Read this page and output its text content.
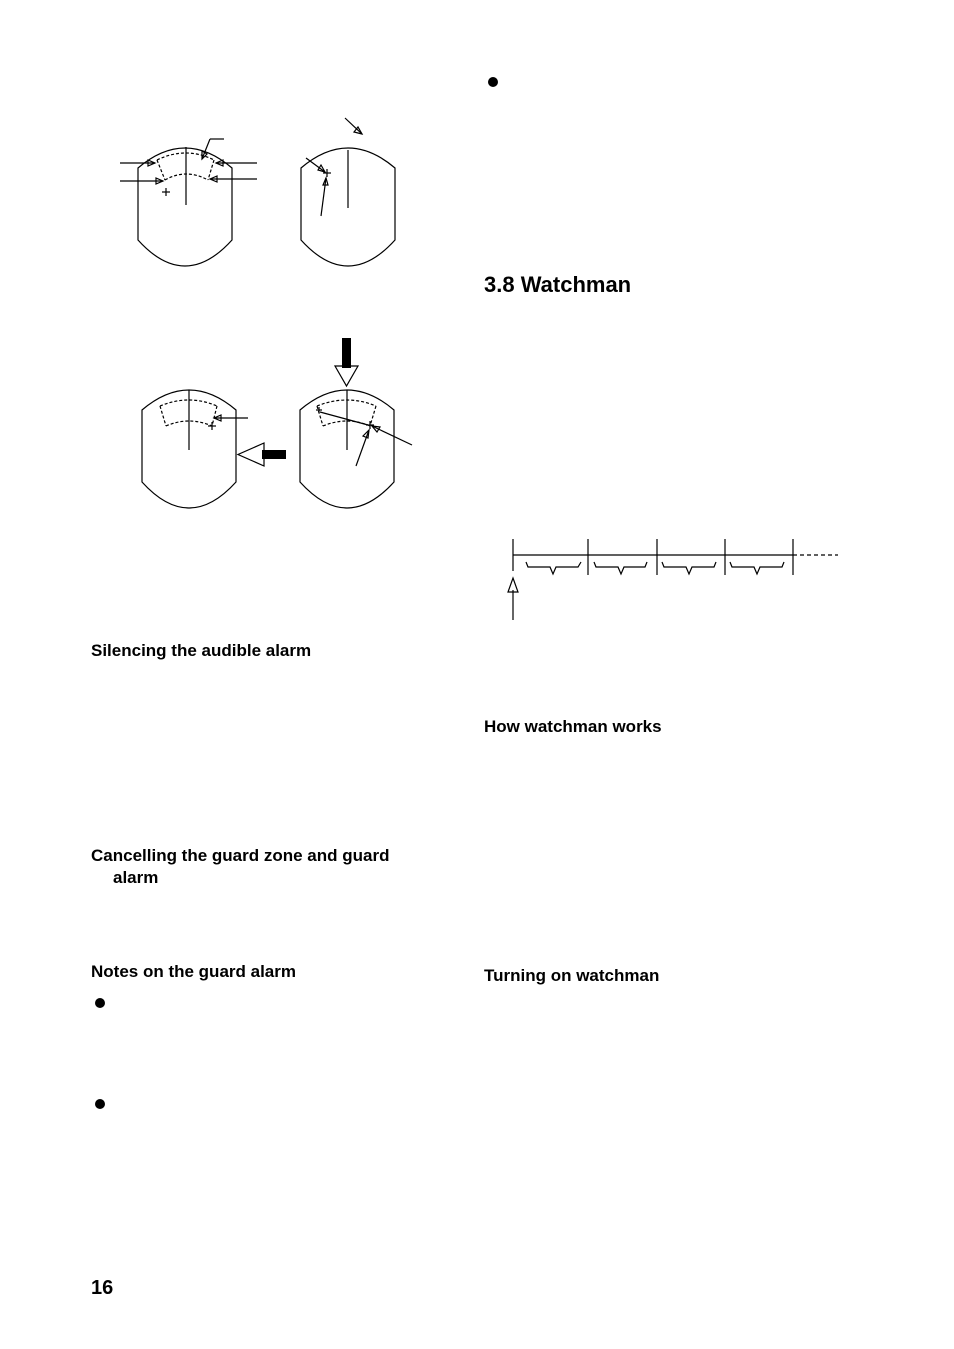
Silencing the audible alarm
Cancelling the guard zone and guard
alarm
Notes on the guard alarm
3.8 Watchman
How watchman works
Turning on watchman
16
